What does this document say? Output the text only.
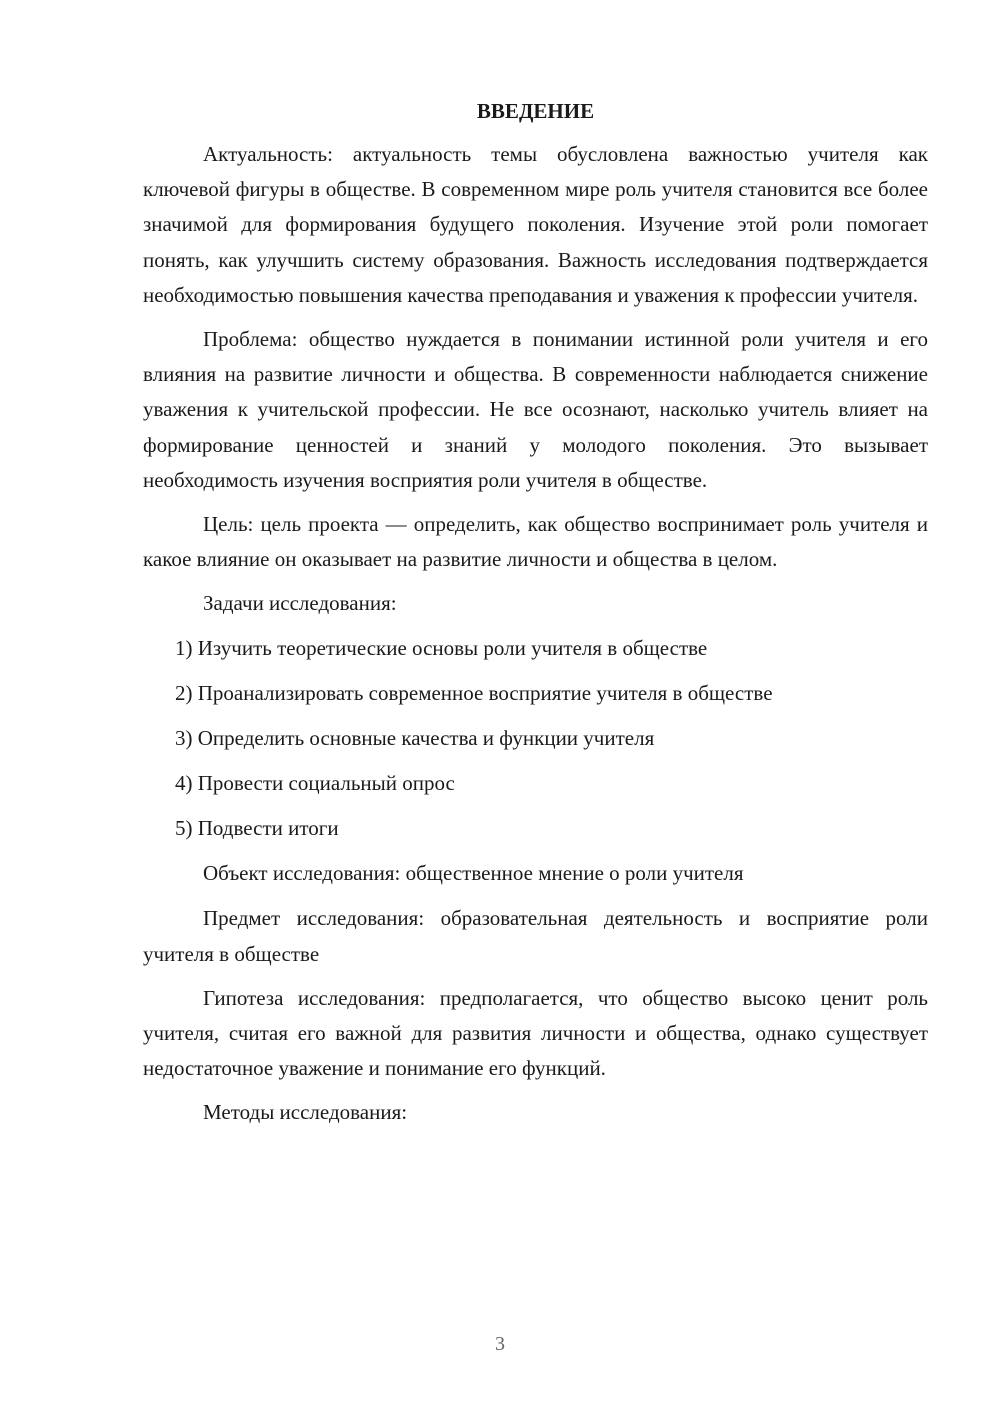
ВВЕДЕНИЕ

Актуальность: актуальность темы обусловлена важностью учителя как ключевой фигуры в обществе. В современном мире роль учителя становится все более значимой для формирования будущего поколения. Изучение этой роли помогает понять, как улучшить систему образования. Важность исследования подтверждается необходимостью повышения качества преподавания и уважения к профессии учителя.

Проблема: общество нуждается в понимании истинной роли учителя и его влияния на развитие личности и общества. В современности наблюдается снижение уважения к учительской профессии. Не все осознают, насколько учитель влияет на формирование ценностей и знаний у молодого поколения. Это вызывает необходимость изучения восприятия роли учителя в обществе.

Цель: цель проекта — определить, как общество воспринимает роль учителя и какое влияние он оказывает на развитие личности и общества в целом.

Задачи исследования:

1) Изучить теоретические основы роли учителя в обществе

2) Проанализировать современное восприятие учителя в обществе

3) Определить основные качества и функции учителя

4) Провести социальный опрос

5) Подвести итоги

Объект исследования: общественное мнение о роли учителя

Предмет исследования: образовательная деятельность и восприятие роли учителя в обществе

Гипотеза исследования: предполагается, что общество высоко ценит роль учителя, считая его важной для развития личности и общества, однако существует недостаточное уважение и понимание его функций.

Методы исследования:

3
